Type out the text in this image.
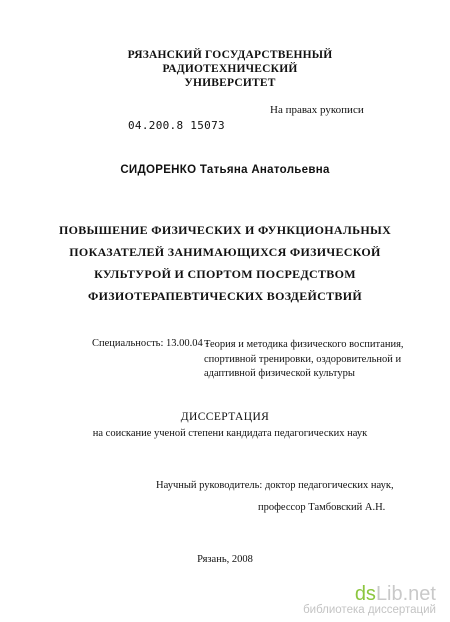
РЯЗАНСКИЙ ГОСУДАРСТВЕННЫЙ РАДИОТЕХНИЧЕСКИЙ
УНИВЕРСИТЕТ
На правах рукописи
04.200.8 15073
СИДОРЕНКО Татьяна Анатольевна
ПОВЫШЕНИЕ ФИЗИЧЕСКИХ И ФУНКЦИОНАЛЬНЫХ
ПОКАЗАТЕЛЕЙ ЗАНИМАЮЩИХСЯ ФИЗИЧЕСКОЙ
КУЛЬТУРОЙ И СПОРТОМ ПОСРЕДСТВОМ
ФИЗИОТЕРАПЕВТИЧЕСКИХ ВОЗДЕЙСТВИЙ
Специальность: 13.00.04 -
Теория и методика физического воспитания,
спортивной тренировки, оздоровительной и
адаптивной физической культуры
ДИССЕРТАЦИЯ
на соискание ученой степени кандидата педагогических наук
Научный руководитель: доктор педагогических наук,
профессор Тамбовский А.Н.
Рязань, 2008
dsLib.net
библиотека диссертаций
